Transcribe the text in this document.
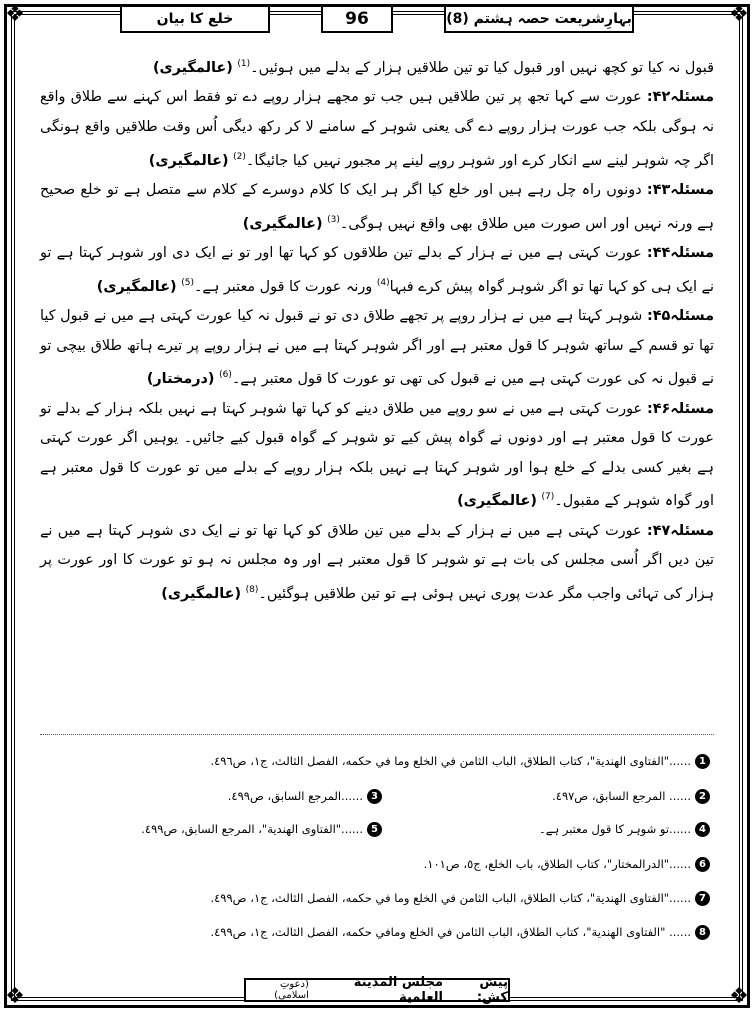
❖	❖
❖	❖
خلع کا بیان	96	بہارِشریعت حصہ ہشتم (8)

قبول نہ کیا تو کچھ نہیں اور قبول کیا تو تین طلاقیں ہزار کے بدلے میں ہوئیں۔$^{(1)}$ (عالمگیری)

مسئلہ۴۲: عورت سے کہا تجھ پر تین طلاقیں ہیں جب تو مجھے ہزار روپے دے تو فقط اس کہنے سے طلاق واقع نہ ہوگی بلکہ جب عورت ہزار روپے دے گی یعنی شوہر کے سامنے لا کر رکھ دیگی اُس وقت طلاقیں واقع ہونگی اگر چہ شوہر لینے سے انکار کرے اور شوہر روپے لینے پر مجبور نہیں کیا جائیگا۔$^{(2)}$ (عالمگیری)

مسئلہ۴۳: دونوں راہ چل رہے ہیں اور خلع کیا اگر ہر ایک کا کلام دوسرے کے کلام سے متصل ہے تو خلع صحیح ہے ورنہ نہیں اور اس صورت میں طلاق بھی واقع نہیں ہوگی۔$^{(3)}$ (عالمگیری)

مسئلہ۴۴: عورت کہتی ہے میں نے ہزار کے بدلے تین طلاقوں کو کہا تھا اور تو نے ایک دی اور شوہر کہتا ہے تو نے ایک ہی کو کہا تھا تو اگر شوہر گواہ پیش کرے فبہا$^{(4)}$ ورنہ عورت کا قول معتبر ہے۔$^{(5)}$ (عالمگیری)

مسئلہ۴۵: شوہر کہتا ہے میں نے ہزار روپے پر تجھے طلاق دی تو نے قبول نہ کیا عورت کہتی ہے میں نے قبول کیا تھا تو قسم کے ساتھ شوہر کا قول معتبر ہے اور اگر شوہر کہتا ہے میں نے ہزار روپے پر تیرے ہاتھ طلاق بیچی تو نے قبول نہ کی عورت کہتی ہے میں نے قبول کی تھی تو عورت کا قول معتبر ہے۔$^{(6)}$ (درمختار)

مسئلہ۴۶: عورت کہتی ہے میں نے سو روپے میں طلاق دینے کو کہا تھا شوہر کہتا ہے نہیں بلکہ ہزار کے بدلے تو عورت کا قول معتبر ہے اور دونوں نے گواہ پیش کیے تو شوہر کے گواہ قبول کیے جائیں۔ یوہیں اگر عورت کہتی ہے بغیر کسی بدلے کے خلع ہوا اور شوہر کہتا ہے نہیں بلکہ ہزار روپے کے بدلے میں تو عورت کا قول معتبر ہے اور گواہ شوہر کے مقبول۔$^{(7)}$ (عالمگیری)

مسئلہ۴۷: عورت کہتی ہے میں نے ہزار کے بدلے میں تین طلاق کو کہا تھا تو نے ایک دی شوہر کہتا ہے میں نے تین دیں اگر اُسی مجلس کی بات ہے تو شوہر کا قول معتبر ہے اور وہ مجلس نہ ہو تو عورت کا اور عورت پر ہزار کی تہائی واجب مگر عدت پوری نہیں ہوئی ہے تو تین طلاقیں ہوگئیں۔$^{(8)}$ (عالمگیری)

1......"الفتاوى الهندية"، كتاب الطلاق، الباب الثامن في الخلع وما في حكمه، الفصل الثالث، ج١، ص٤٩٦.
2...... المرجع السابق، ص٤٩٧.
3......المرجع السابق، ص٤٩٩.
4......تو شوہر کا قول معتبر ہے۔
5......"الفتاوى الهندية"، المرجع السابق، ص٤٩٩.
6......"الدرالمختار"، كتاب الطلاق، باب الخلع، ج٥، ص١٠١.
7......"الفتاوى الهندية"، كتاب الطلاق، الباب الثامن في الخلع وما في حكمه، الفصل الثالث، ج١، ص٤٩٩.
8...... "الفتاوى الهندية"، كتاب الطلاق، الباب الثامن في الخلع ومافي حكمه، الفصل الثالث، ج١، ص٤٩٩.
پیش کش:

مجلس المدينة العلمية

(دعوتِ اسلامی)
